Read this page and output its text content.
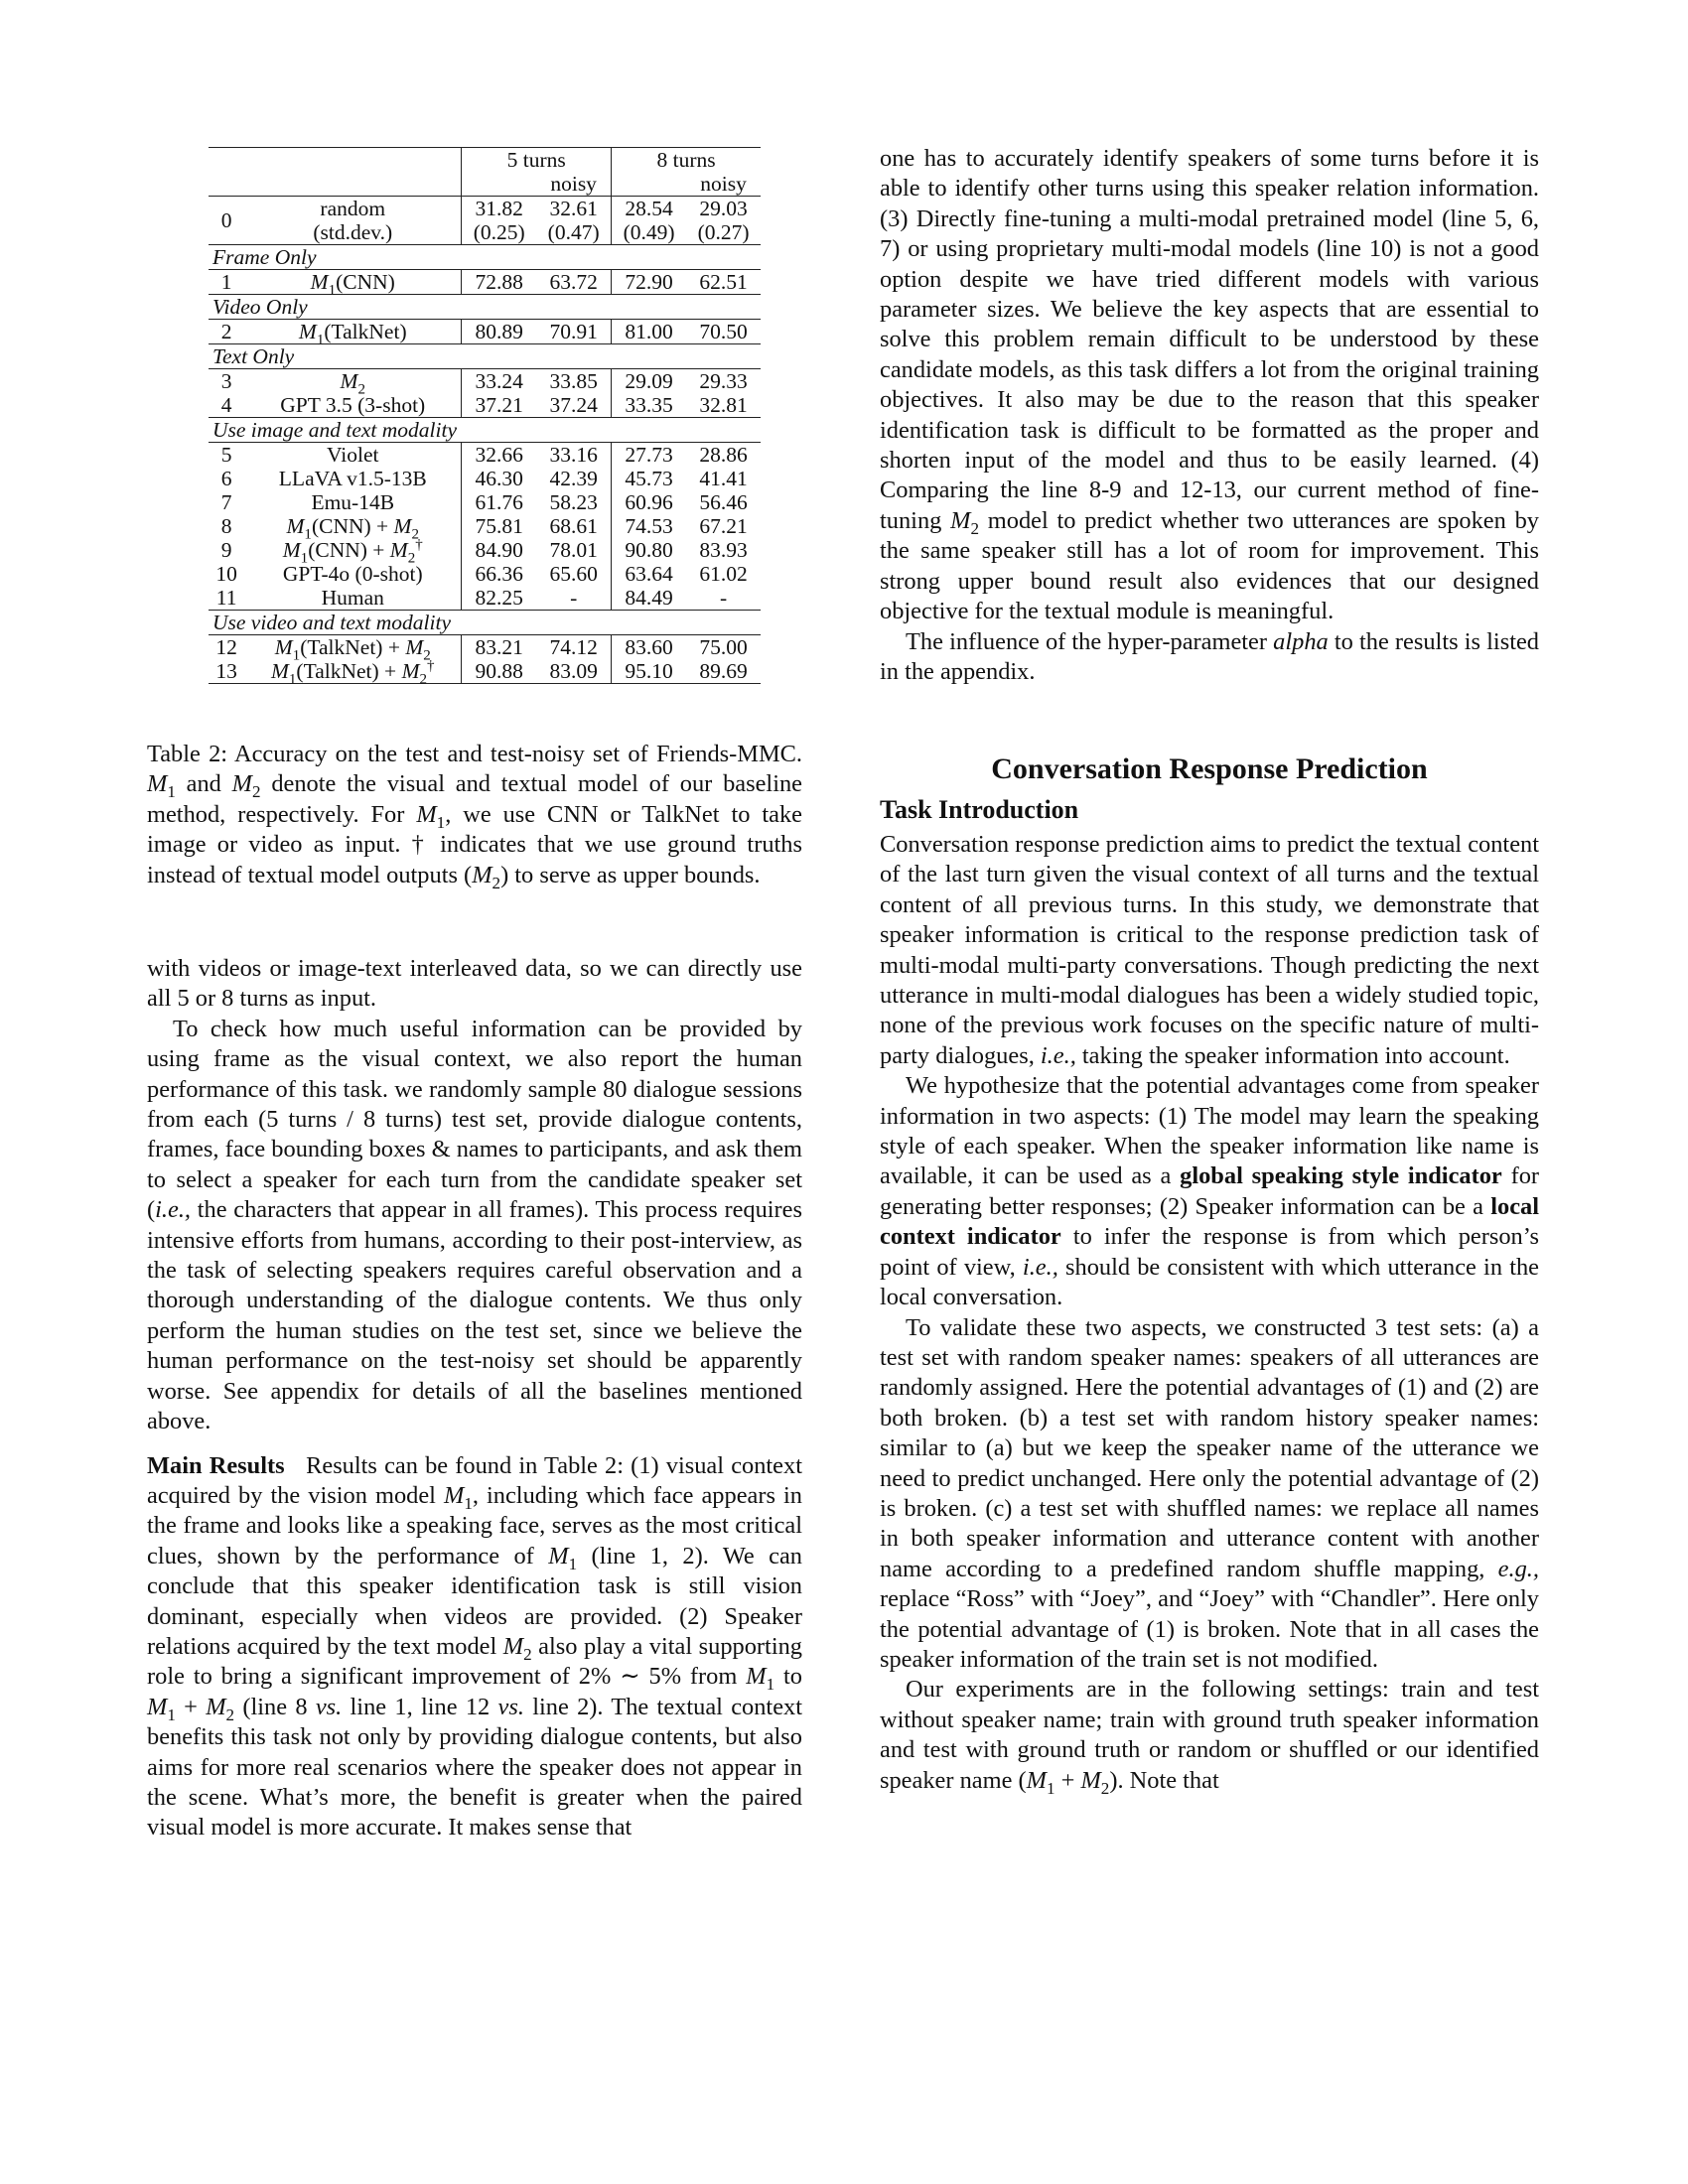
		5 turns		8 turns	
			noisy		noisy
0	random	31.82	32.61	28.54	29.03
	(std.dev.)	(0.25)	(0.47)	(0.49)	(0.27)
Frame Only					
1	$M_1(CNN)$	72.88	63.72	72.90	62.51
Video Only					
2	$M_1(TalkNet)$	80.89	70.91	81.00	70.50
Text Only					
3	$M_2$	33.24	33.85	29.09	29.33
4	GPT 3.5 (3-shot)	37.21	37.24	33.35	32.81
Use image and text modality					
5	Violet	32.66	33.16	27.73	28.86
6	LLaVA v1.5-13B	46.30	42.39	45.73	41.41
7	Emu-14B	61.76	58.23	60.96	56.46
8	$M_1(CNN) + M_2$	75.81	68.61	74.53	67.21
9	$M_1(CNN) + M_2^\dagger$	84.90	78.01	90.80	83.93
10	GPT-4o (0-shot)	66.36	65.60	63.64	61.02
11	Human	82.25	-	84.49	-
Use video and text modality					
12	$M_1(TalkNet) + M_2$	83.21	74.12	83.60	75.00
13	$M_1(TalkNet) + M_2^\dagger$	90.88	83.09	95.10	89.69

Table 2: Accuracy on the test and test-noisy set of Friends-MMC. $M_1$ and $M_2$ denote the visual and textual model of our baseline method, respectively. For $M_1$, we use CNN or TalkNet to take image or video as input. † indicates that we use ground truths instead of textual model outputs $(M_2)$ to serve as upper bounds.

with videos or image-text interleaved data, so we can directly use all 5 or 8 turns as input.

To check how much useful information can be provided by using frame as the visual context, we also report the human performance of this task. we randomly sample 80 dialogue sessions from each (5 turns / 8 turns) test set, provide dialogue contents, frames, face bounding boxes & names to participants, and ask them to select a speaker for each turn from the candidate speaker set (i.e., the characters that appear in all frames). This process requires intensive efforts from humans, according to their post-interview, as the task of selecting speakers requires careful observation and a thorough understanding of the dialogue contents. We thus only perform the human studies on the test set, since we believe the human performance on the test-noisy set should be apparently worse. See appendix for details of all the baselines mentioned above.

Main Results   Results can be found in Table 2: (1) visual context acquired by the vision model $M_1$, including which face appears in the frame and looks like a speaking face, serves as the most critical clues, shown by the performance of $M_1$ (line 1, 2). We can conclude that this speaker identification task is still vision dominant, especially when videos are provided. (2) Speaker relations acquired by the text model $M_2$ also play a vital supporting role to bring a significant improvement of 2% ∼ 5% from $M_1$ to $M_1 + M_2$ (line 8 vs. line 1, line 12 vs. line 2). The textual context benefits this task not only by providing dialogue contents, but also aims for more real scenarios where the speaker does not appear in the scene. What’s more, the benefit is greater when the paired visual model is more accurate. It makes sense that

one has to accurately identify speakers of some turns before it is able to identify other turns using this speaker relation information. (3) Directly fine-tuning a multi-modal pretrained model (line 5, 6, 7) or using proprietary multi-modal models (line 10) is not a good option despite we have tried different models with various parameter sizes. We believe the key aspects that are essential to solve this problem remain difficult to be understood by these candidate models, as this task differs a lot from the original training objectives. It also may be due to the reason that this speaker identification task is difficult to be formatted as the proper and shorten input of the model and thus to be easily learned. (4) Comparing the line 8-9 and 12-13, our current method of fine-tuning $M_2$ model to predict whether two utterances are spoken by the same speaker still has a lot of room for improvement. This strong upper bound result also evidences that our designed objective for the textual module is meaningful.

The influence of the hyper-parameter alpha to the results is listed in the appendix.

Conversation Response Prediction
Task Introduction

Conversation response prediction aims to predict the textual content of the last turn given the visual context of all turns and the textual content of all previous turns. In this study, we demonstrate that speaker information is critical to the response prediction task of multi-modal multi-party conversations. Though predicting the next utterance in multi-modal dialogues has been a widely studied topic, none of the previous work focuses on the specific nature of multi-party dialogues, i.e., taking the speaker information into account.

We hypothesize that the potential advantages come from speaker information in two aspects: (1) The model may learn the speaking style of each speaker. When the speaker information like name is available, it can be used as a global speaking style indicator for generating better responses; (2) Speaker information can be a local context indicator to infer the response is from which person’s point of view, i.e., should be consistent with which utterance in the local conversation.

To validate these two aspects, we constructed 3 test sets: (a) a test set with random speaker names: speakers of all utterances are randomly assigned. Here the potential advantages of (1) and (2) are both broken. (b) a test set with random history speaker names: similar to (a) but we keep the speaker name of the utterance we need to predict unchanged. Here only the potential advantage of (2) is broken. (c) a test set with shuffled names: we replace all names in both speaker information and utterance content with another name according to a predefined random shuffle mapping, e.g., replace “Ross” with “Joey”, and “Joey” with “Chandler”. Here only the potential advantage of (1) is broken. Note that in all cases the speaker information of the train set is not modified.

Our experiments are in the following settings: train and test without speaker name; train with ground truth speaker information and test with ground truth or random or shuffled or our identified speaker name $(M_1 + M_2)$. Note that
